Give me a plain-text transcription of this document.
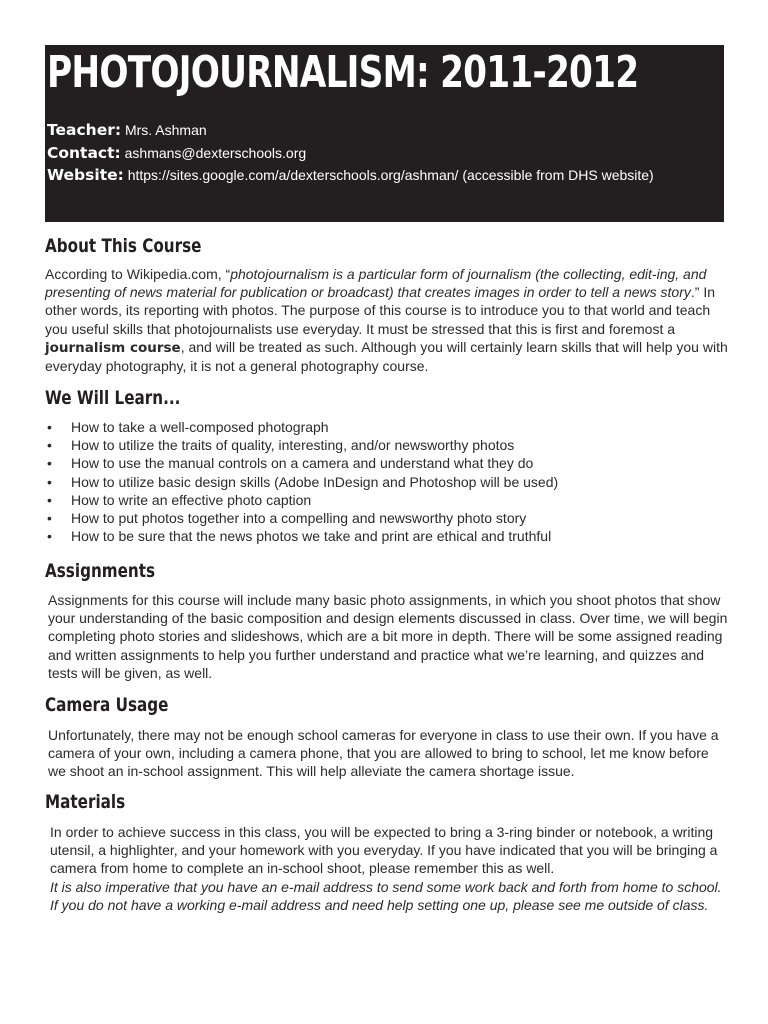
PHOTOJOURNALISM: 2011-2012
Teacher: Mrs. Ashman
Contact: ashmans@dexterschools.org
Website: https://sites.google.com/a/dexterschools.org/ashman/ (accessible from DHS website)
About This Course

According to Wikipedia.com, “photojournalism is a particular form of journalism (the collecting, edit-ing, and presenting of news material for publication or broadcast) that creates images in order to tell a news story.” In other words, its reporting with photos. The purpose of this course is to introduce you to that world and teach you useful skills that photojournalists use everyday. It must be stressed that this is first and foremost a journalism course, and will be treated as such. Although you will certainly learn skills that will help you with everyday photography, it is not a general photography course.

We Will Learn...
• How to take a well-composed photograph
• How to utilize the traits of quality, interesting, and/or newsworthy photos
• How to use the manual controls on a camera and understand what they do
• How to utilize basic design skills (Adobe InDesign and Photoshop will be used)
• How to write an effective photo caption
• How to put photos together into a compelling and newsworthy photo story
• How to be sure that the news photos we take and print are ethical and truthful
Assignments

Assignments for this course will include many basic photo assignments, in which you shoot photos that show your understanding of the basic composition and design elements discussed in class. Over time, we will begin completing photo stories and slideshows, which are a bit more in depth. There will be some assigned reading and written assignments to help you further understand and practice what we’re learning, and quizzes and tests will be given, as well.

Camera Usage

Unfortunately, there may not be enough school cameras for everyone in class to use their own. If you have a camera of your own, including a camera phone, that you are allowed to bring to school, let me know before we shoot an in-school assignment. This will help alleviate the camera shortage issue.

Materials

In order to achieve success in this class, you will be expected to bring a 3-ring binder or notebook, a writing utensil, a highlighter, and your homework with you everyday. If you have indicated that you will be bringing a camera from home to complete an in-school shoot, please remember this as well.

It is also imperative that you have an e-mail address to send some work back and forth from home to school. If you do not have a working e-mail address and need help setting one up, please see me outside of class.
